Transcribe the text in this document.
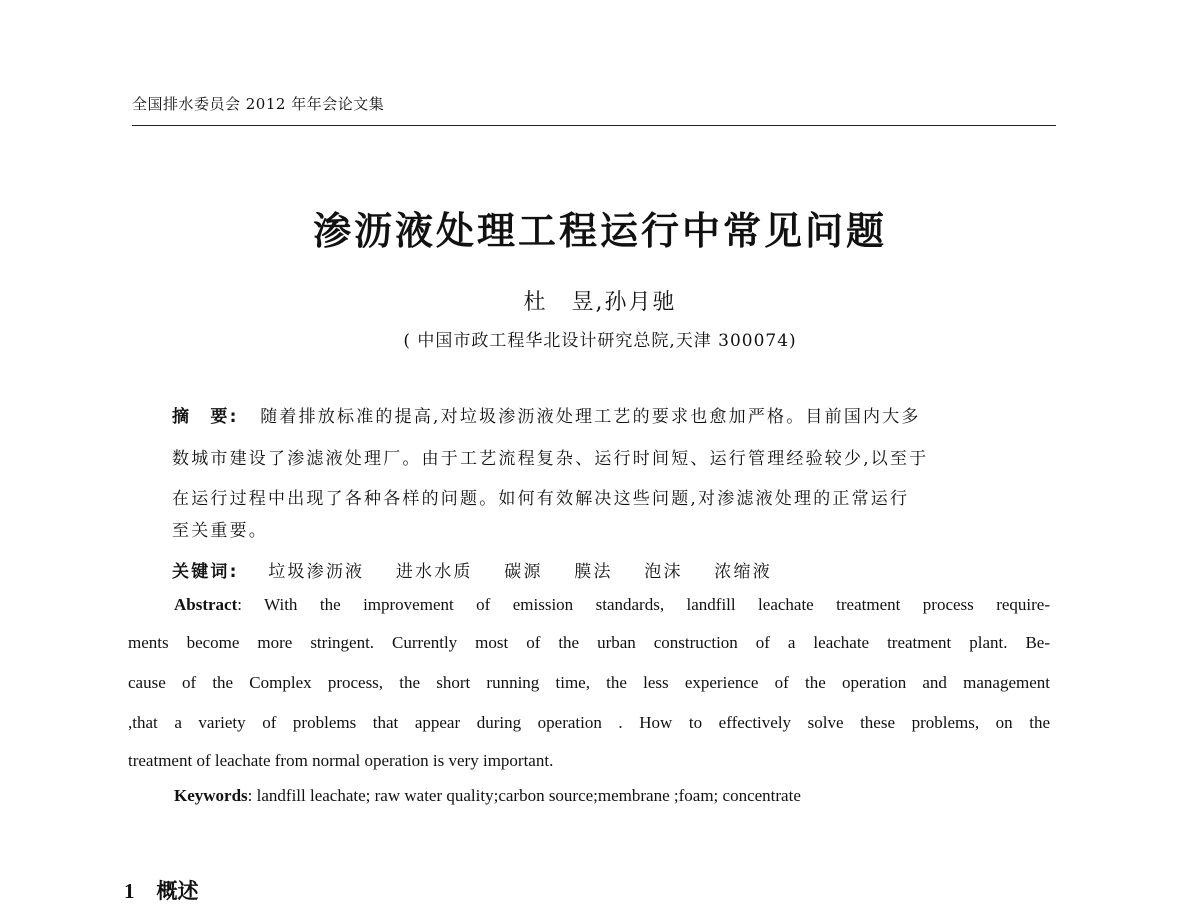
全国排水委员会 2012 年年会论文集
渗沥液处理工程运行中常见问题
杜　昱,孙月驰
( 中国市政工程华北设计研究总院,天津 300074)
摘　要: 随着排放标准的提高,对垃圾渗沥液处理工艺的要求也愈加严格。目前国内大多
数城市建设了渗滤液处理厂。由于工艺流程复杂、运行时间短、运行管理经验较少,以至于
在运行过程中出现了各种各样的问题。如何有效解决这些问题,对渗滤液处理的正常运行
至关重要。
关键词: 垃圾渗沥液 进水水质 碳源 膜法 泡沫 浓缩液
Abstract: With the improvement of emission standards, landfill leachate treatment process require-
ments become more stringent. Currently most of the urban construction of a leachate treatment plant. Be-
cause of the Complex process, the short running time, the less experience of the operation and management
,that a variety of problems that appear during operation . How to effectively solve these problems, on the
treatment of leachate from normal operation is very important.
Keywords: landfill leachate; raw water quality;carbon source;membrane ;foam; concentrate
1 概述
